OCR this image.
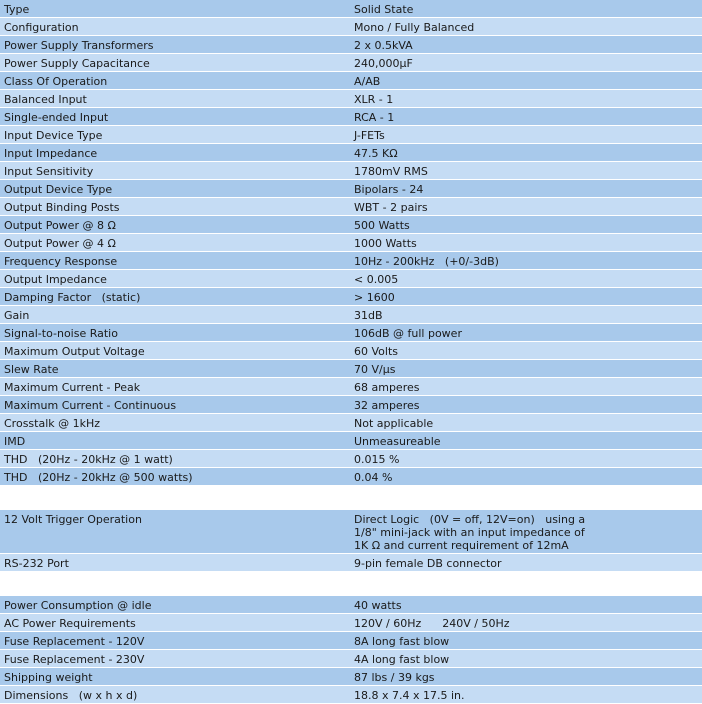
Type	Solid State
Configuration	Mono / Fully Balanced
Power Supply Transformers	2 x 0.5kVA
Power Supply Capacitance	240,000µF
Class Of Operation	A/AB
Balanced Input	XLR - 1
Single-ended Input	RCA - 1
Input Device Type	J-FETs
Input Impedance	47.5 KΩ
Input Sensitivity	1780mV RMS
Output Device Type	Bipolars - 24
Output Binding Posts	WBT - 2 pairs
Output Power @ 8 Ω	500 Watts
Output Power @ 4 Ω	1000 Watts
Frequency Response	10Hz - 200kHz   (+0/-3dB)
Output Impedance	< 0.005
Damping Factor   (static)	> 1600
Gain	31dB
Signal-to-noise Ratio	106dB @ full power
Maximum Output Voltage	60 Volts
Slew Rate	70 V/µs
Maximum Current - Peak	68 amperes
Maximum Current - Continuous	32 amperes
Crosstalk @ 1kHz	Not applicable
IMD	Unmeasureable
THD   (20Hz - 20kHz @ 1 watt)	0.015 %
THD   (20Hz - 20kHz @ 500 watts)	0.04 %
12 Volt Trigger Operation	Direct Logic   (0V = off, 12V=on)   using a
1/8" mini-jack with an input impedance of
1K Ω and current requirement of 12mA
RS-232 Port	9-pin female DB connector
Power Consumption @ idle	40 watts
AC Power Requirements	120V / 60Hz      240V / 50Hz
Fuse Replacement - 120V	8A long fast blow
Fuse Replacement - 230V	4A long fast blow
Shipping weight	87 lbs / 39 kgs
Dimensions   (w x h x d)	18.8 x 7.4 x 17.5 in.
